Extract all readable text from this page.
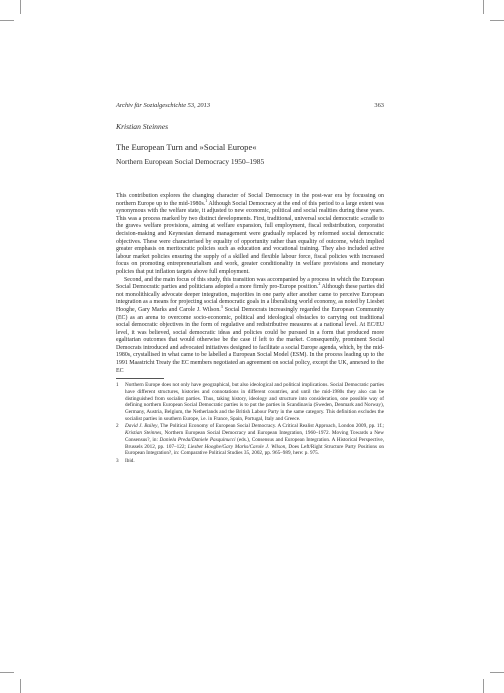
Archiv für Sozialgeschichte 53, 2013	363
Kristian Steinnes
The European Turn and »Social Europe«
Northern European Social Democracy 1950–1985

This contribution explores the changing character of Social Democracy in the post-war era by focussing on northern Europe up to the mid-1980s.$^1$ Although Social Democracy at the end of this period to a large extent was synonymous with the welfare state, it adjusted to new economic, political and social realities during these years. This was a process marked by two distinct developments. First, traditional, universal social democratic »cradle to the grave« welfare provisions, aiming at welfare expansion, full employment, fiscal redistribution, corporatist decision-making and Keynesian demand management were gradually replaced by reformed social democratic objectives. These were characterised by equality of opportunity rather than equality of outcome, which implied greater emphasis on meritocratic policies such as education and vocational training. They also included active labour market policies ensuring the supply of a skilled and flexible labour force, fiscal policies with increased focus on promoting entrepreneurialism and work, greater conditionality in welfare provisions and monetary policies that put inflation targets above full employment.

Second, and the main focus of this study, this transition was accompanied by a process in which the European Social Democratic parties and politicians adopted a more firmly pro-Europe position.$^2$ Although these parties did not monolithically advocate deeper integration, majorities in one party after another came to perceive European integration as a means for projecting social democratic goals in a liberalising world economy, as noted by Liesbet Hooghe, Gary Marks and Carole J. Wilson.$^3$ Social Democrats increasingly regarded the European Community (EC) as an arena to overcome socio-economic, political and ideological obstacles to carrying out traditional social democratic objectives in the form of regulative and redistributive measures at a national level. At EC/EU level, it was believed, social democratic ideas and policies could be pursued in a form that produced more egalitarian outcomes that would otherwise be the case if left to the market. Consequently, prominent Social Democrats introduced and advocated initiatives designed to facilitate a social Europe agenda, which, by the mid-1980s, crystallised in what came to be labelled a European Social Model (ESM). In the process leading up to the 1991 Maastricht Treaty the EC members negotiated an agreement on social policy, except the UK, annexed to the EC

1	Northern Europe does not only have geographical, but also ideological and political implications. Social Democratic parties have different structures, histories and connotations in different countries, and until the mid-1980s they also can be distinguished from socialist parties. Thus, taking history, ideology and structure into consideration, one possible way of defining northern European Social Democratic parties is to put the parties in Scandinavia (Sweden, Denmark and Norway), Germany, Austria, Belgium, the Netherlands and the British Labour Party in the same category. This definition excludes the socialist parties in southern Europe, i.e. in France, Spain, Portugal, Italy and Greece.
2	David J. Bailey, The Political Economy of European Social Democracy. A Critical Realist Approach, London 2009, pp. 1f.; Kristian Steinnes, Northern European Social Democracy and European Integration, 1960–1972. Moving Towards a New Consensus?, in: Daniela Preda/Daniele Pasquinucci (eds.), Consensus and European Integration. A Historical Perspective, Brussels 2012, pp. 107–122; Liesbet Hooghe/Gary Marks/Carole J. Wilson, Does Left/Right Structure Party Positions on European Integration?, in: Comparative Political Studies 35, 2002, pp. 965–989, here: p. 975.
3	Ibid.
